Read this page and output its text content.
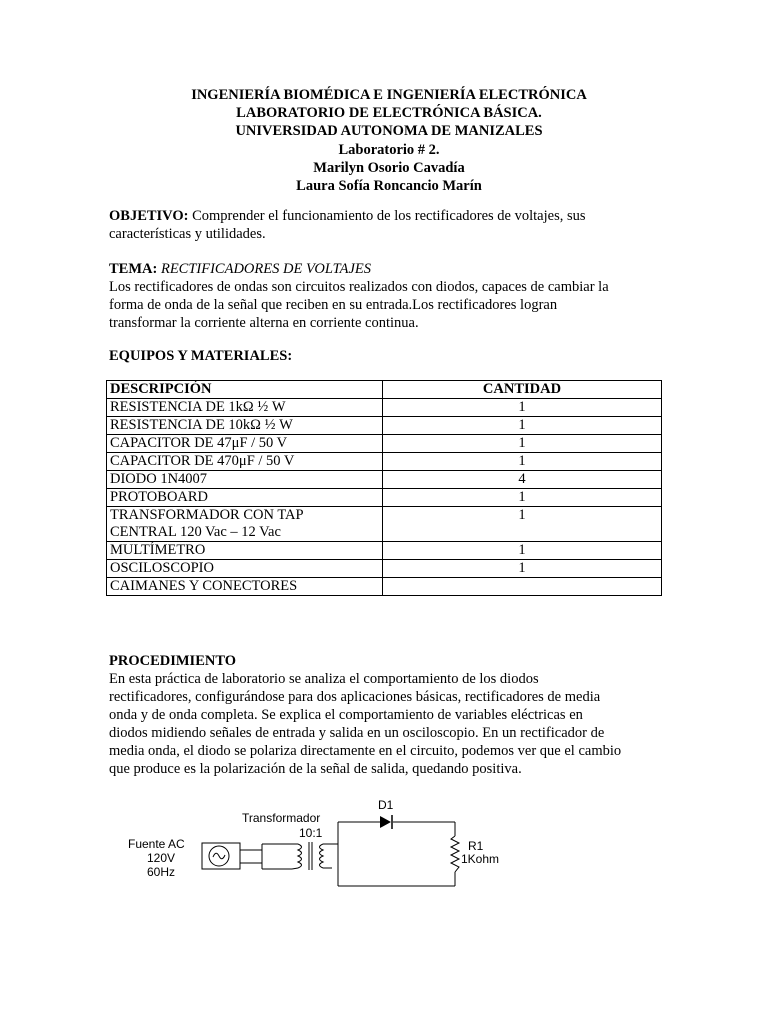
INGENIERÍA BIOMÉDICA E INGENIERÍA ELECTRÓNICA
LABORATORIO DE ELECTRÓNICA BÁSICA.
UNIVERSIDAD AUTONOMA DE MANIZALES
Laboratorio # 2.
Marilyn Osorio Cavadía
Laura Sofía Roncancio Marín
OBJETIVO: Comprender el funcionamiento de los rectificadores de voltajes, sus
características y utilidades.
TEMA: RECTIFICADORES DE VOLTAJES
Los rectificadores de ondas son circuitos realizados con diodos, capaces de cambiar la
forma de onda de la señal que reciben en su entrada.Los rectificadores logran
transformar la corriente alterna en corriente continua.
EQUIPOS Y MATERIALES:
DESCRIPCIÓN	CANTIDAD
RESISTENCIA DE 1kΩ ½ W	1
RESISTENCIA DE 10kΩ ½ W	1
CAPACITOR DE 47μF / 50 V	1
CAPACITOR DE 470μF / 50 V	1
DIODO 1N4007	4
PROTOBOARD	1

TRANSFORMADOR CON TAP
CENTRAL 120 Vac – 12 Vac	1
MULTÍMETRO	1
OSCILOSCOPIO	1
CAIMANES Y CONECTORES	
PROCEDIMIENTO
En esta práctica de laboratorio se analiza el comportamiento de los diodos
rectificadores, configurándose para dos aplicaciones básicas, rectificadores de media
onda y de onda completa. Se explica el comportamiento de variables eléctricas en
diodos midiendo señales de entrada y salida en un osciloscopio. En un rectificador de
media onda, el diodo se polariza directamente en el circuito, podemos ver que el cambio
que produce es la polarización de la señal de salida, quedando positiva.
Fuente AC
120V
60Hz
Transformador
10:1
D1
R1
1Kohm
